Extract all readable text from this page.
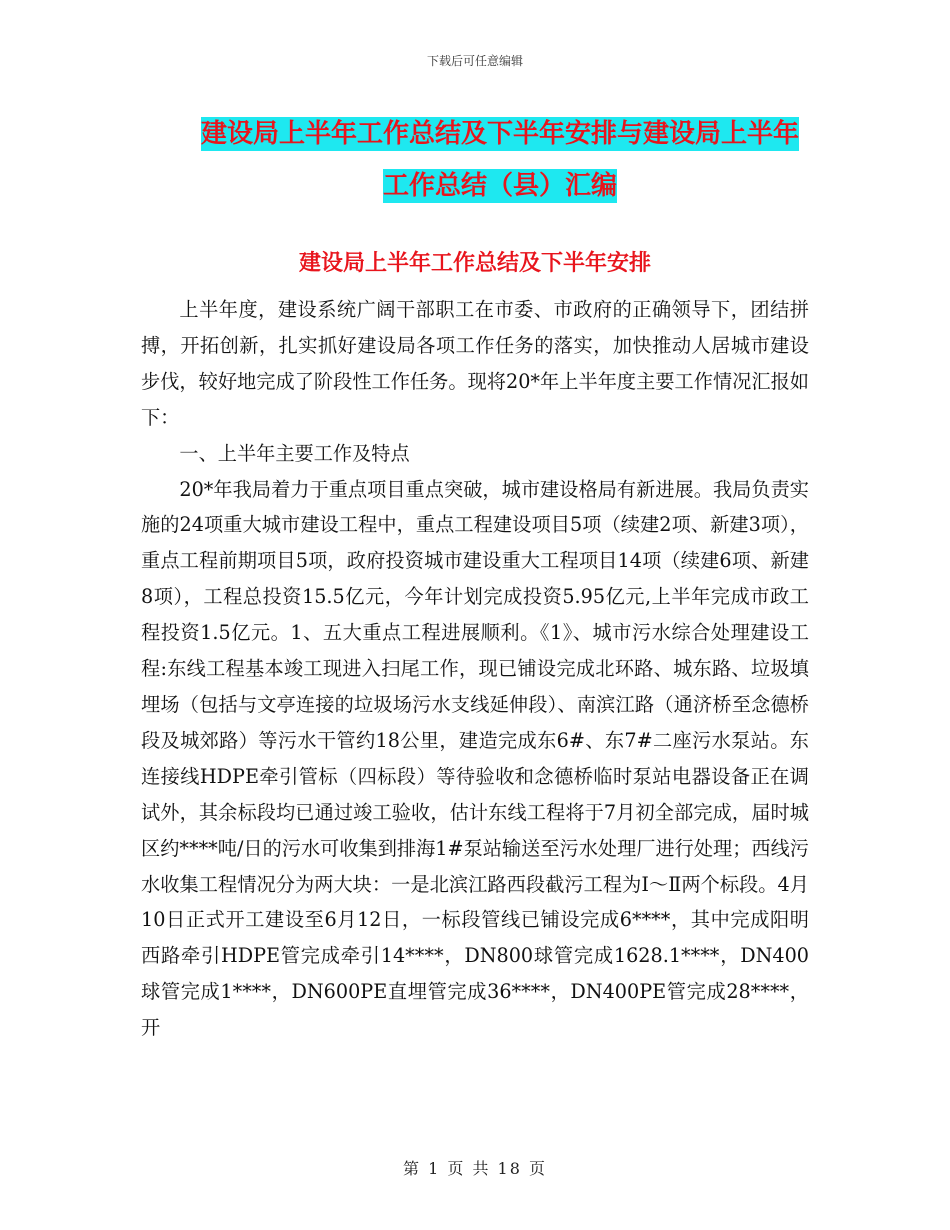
下载后可任意编辑
建设局上半年工作总结及下半年安排与建设局上半年
工作总结（县）汇编
建设局上半年工作总结及下半年安排

上半年度，建设系统广阔干部职工在市委、市政府的正确领导下，团结拼搏，开拓创新，扎实抓好建设局各项工作任务的落实，加快推动人居城市建设步伐，较好地完成了阶段性工作任务。现将20*年上半年度主要工作情况汇报如下：

一、上半年主要工作及特点

20*年我局着力于重点项目重点突破，城市建设格局有新进展。我局负责实施的24项重大城市建设工程中，重点工程建设项目5项（续建2项、新建3项），重点工程前期项目5项，政府投资城市建设重大工程项目14项（续建6项、新建8项），工程总投资15.5亿元，今年计划完成投资5.95亿元,上半年完成市政工程投资1.5亿元。1、五大重点工程进展顺利。《1》、城市污水综合处理建设工程:东线工程基本竣工现进入扫尾工作，现已铺设完成北环路、城东路、垃圾填埋场（包括与文亭连接的垃圾场污水支线延伸段）、南滨江路（通济桥至念德桥段及城郊路）等污水干管约18公里，建造完成东6#、东7#二座污水泵站。东连接线HDPE牵引管标（四标段）等待验收和念德桥临时泵站电器设备正在调试外，其余标段均已通过竣工验收，估计东线工程将于7月初全部完成，届时城区约****吨/日的污水可收集到排海1#泵站输送至污水处理厂进行处理；西线污水收集工程情况分为两大块：一是北滨江路西段截污工程为Ⅰ～Ⅱ两个标段。4月10日正式开工建设至6月12日，一标段管线已铺设完成6****，其中完成阳明西路牵引HDPE管完成牵引14****，DN800球管完成1628.1****，DN400球管完成1****，DN600PE直埋管完成36****，DN400PE管完成28****，开

第 1 页 共 18 页
